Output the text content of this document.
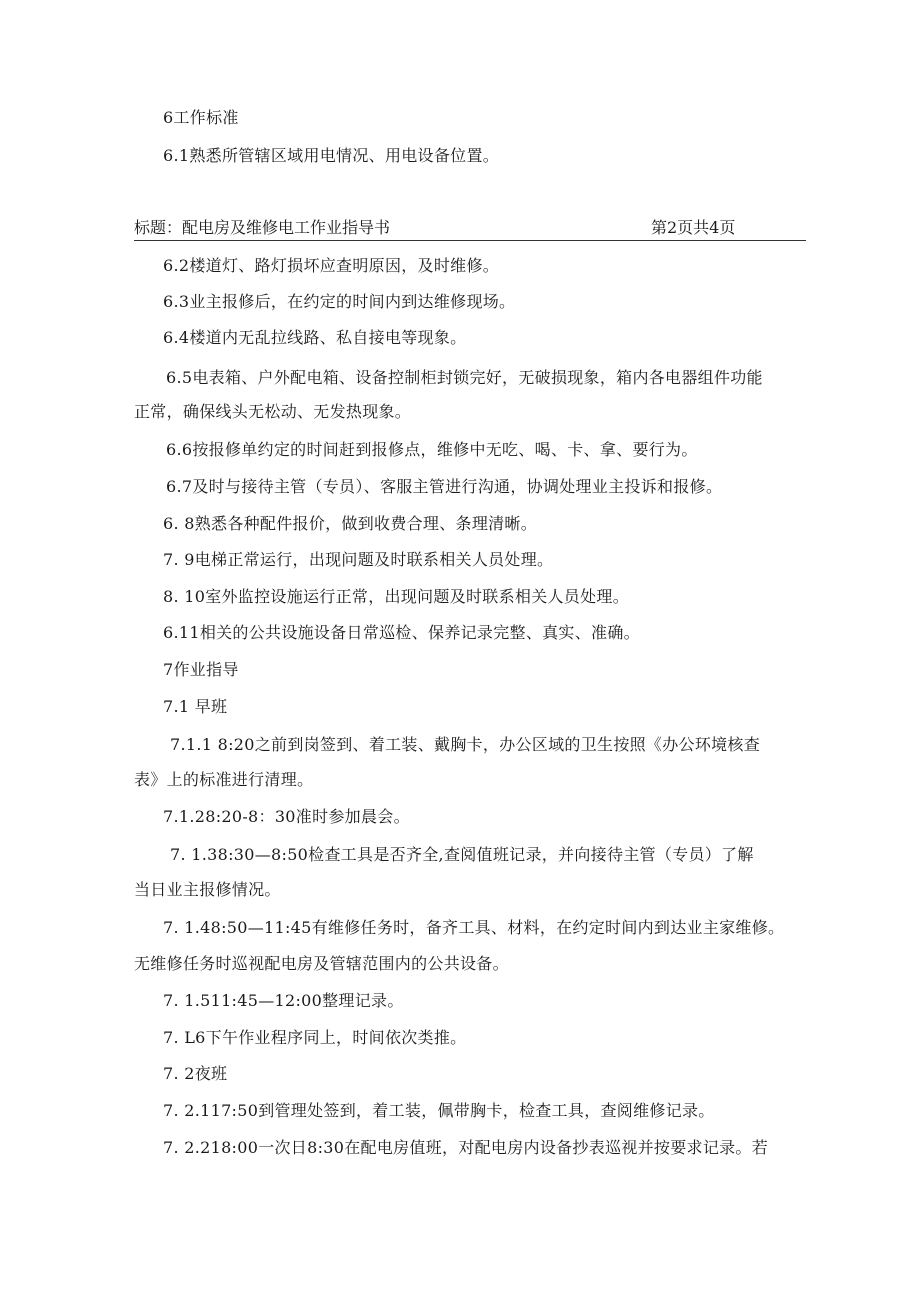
6工作标准
6.1熟悉所管辖区域用电情况、用电设备位置。
标题：配电房及维修电工作业指导书	第2页共4页
6.2楼道灯、路灯损坏应查明原因，及时维修。
6.3业主报修后，在约定的时间内到达维修现场。
6.4楼道内无乱拉线路、私自接电等现象。
6.5电表箱、户外配电箱、设备控制柜封锁完好，无破损现象，箱内各电器组件功能
正常，确保线头无松动、无发热现象。
6.6按报修单约定的时间赶到报修点，维修中无吃、喝、卡、拿、要行为。
6.7及时与接待主管（专员）、客服主管进行沟通，协调处理业主投诉和报修。
6. 8熟悉各种配件报价，做到收费合理、条理清晰。
7. 9电梯正常运行，出现问题及时联系相关人员处理。
8. 10室外监控设施运行正常，出现问题及时联系相关人员处理。
6.11相关的公共设施设备日常巡检、保养记录完整、真实、准确。
7作业指导
7.1 早班
7.1.1 8:20之前到岗签到、着工装、戴胸卡，办公区域的卫生按照《办公环境核查
表》上的标准进行清理。
7.1.28:20-8：30准时参加晨会。
7. 1.38:30—8:50检查工具是否齐全,查阅值班记录，并向接待主管（专员）了解
当日业主报修情况。
7. 1.48:50—11:45有维修任务时，备齐工具、材料，在约定时间内到达业主家维修。
无维修任务时巡视配电房及管辖范围内的公共设备。
7. 1.511:45—12:00整理记录。
7. L6下午作业程序同上，时间依次类推。
7. 2夜班
7. 2.117:50到管理处签到，着工装，佩带胸卡，检查工具，查阅维修记录。
7. 2.218:00一次日8:30在配电房值班，对配电房内设备抄表巡视并按要求记录。若
